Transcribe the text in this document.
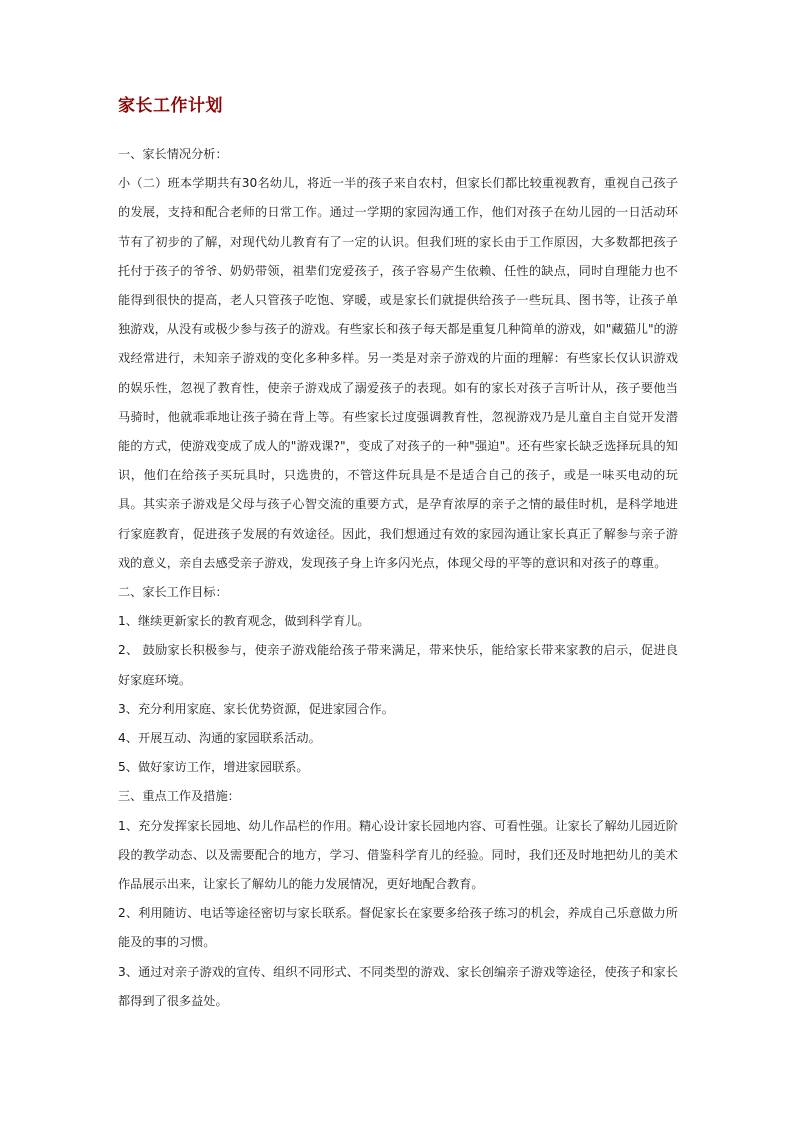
家长工作计划

一、家长情况分析：

小（二）班本学期共有30名幼儿，将近一半的孩子来自农村，但家长们都比较重视教育，重视自己孩子的发展，支持和配合老师的日常工作。通过一学期的家园沟通工作，他们对孩子在幼儿园的一日活动环节有了初步的了解，对现代幼儿教育有了一定的认识。但我们班的家长由于工作原因，大多数都把孩子托付于孩子的爷爷、奶奶带领，祖辈们宠爱孩子，孩子容易产生依赖、任性的缺点，同时自理能力也不能得到很快的提高，老人只管孩子吃饱、穿暖，或是家长们就提供给孩子一些玩具、图书等，让孩子单独游戏，从没有或极少参与孩子的游戏。有些家长和孩子每天都是重复几种简单的游戏，如"藏猫儿"的游戏经常进行，未知亲子游戏的变化多种多样。另一类是对亲子游戏的片面的理解：有些家长仅认识游戏的娱乐性，忽视了教育性，使亲子游戏成了溺爱孩子的表现。如有的家长对孩子言听计从，孩子要他当马骑时，他就乖乖地让孩子骑在背上等。有些家长过度强调教育性，忽视游戏乃是儿童自主自觉开发潜能的方式，使游戏变成了成人的"游戏课?"，变成了对孩子的一种"强迫"。还有些家长缺乏选择玩具的知识，他们在给孩子买玩具时，只选贵的，不管这件玩具是不是适合自己的孩子，或是一味买电动的玩具。其实亲子游戏是父母与孩子心智交流的重要方式，是孕育浓厚的亲子之情的最佳时机，是科学地进行家庭教育，促进孩子发展的有效途径。因此，我们想通过有效的家园沟通让家长真正了解参与亲子游戏的意义，亲自去感受亲子游戏，发现孩子身上许多闪光点，体现父母的平等的意识和对孩子的尊重。

二、家长工作目标：

1、继续更新家长的教育观念，做到科学育儿。

2、 鼓励家长积极参与，使亲子游戏能给孩子带来满足，带来快乐，能给家长带来家教的启示，促进良好家庭环境。

3、充分利用家庭、家长优势资源，促进家园合作。

4、开展互动、沟通的家园联系活动。

5、做好家访工作，增进家园联系。

三、重点工作及措施：

1、充分发挥家长园地、幼儿作品栏的作用。精心设计家长园地内容、可看性强。让家长了解幼儿园近阶段的教学动态、以及需要配合的地方，学习、借鉴科学育儿的经验。同时，我们还及时地把幼儿的美术作品展示出来，让家长了解幼儿的能力发展情况，更好地配合教育。

2、利用随访、电话等途径密切与家长联系。督促家长在家要多给孩子练习的机会，养成自己乐意做力所能及的事的习惯。

3、通过对亲子游戏的宣传、组织不同形式、不同类型的游戏、家长创编亲子游戏等途径，使孩子和家长都得到了很多益处。
